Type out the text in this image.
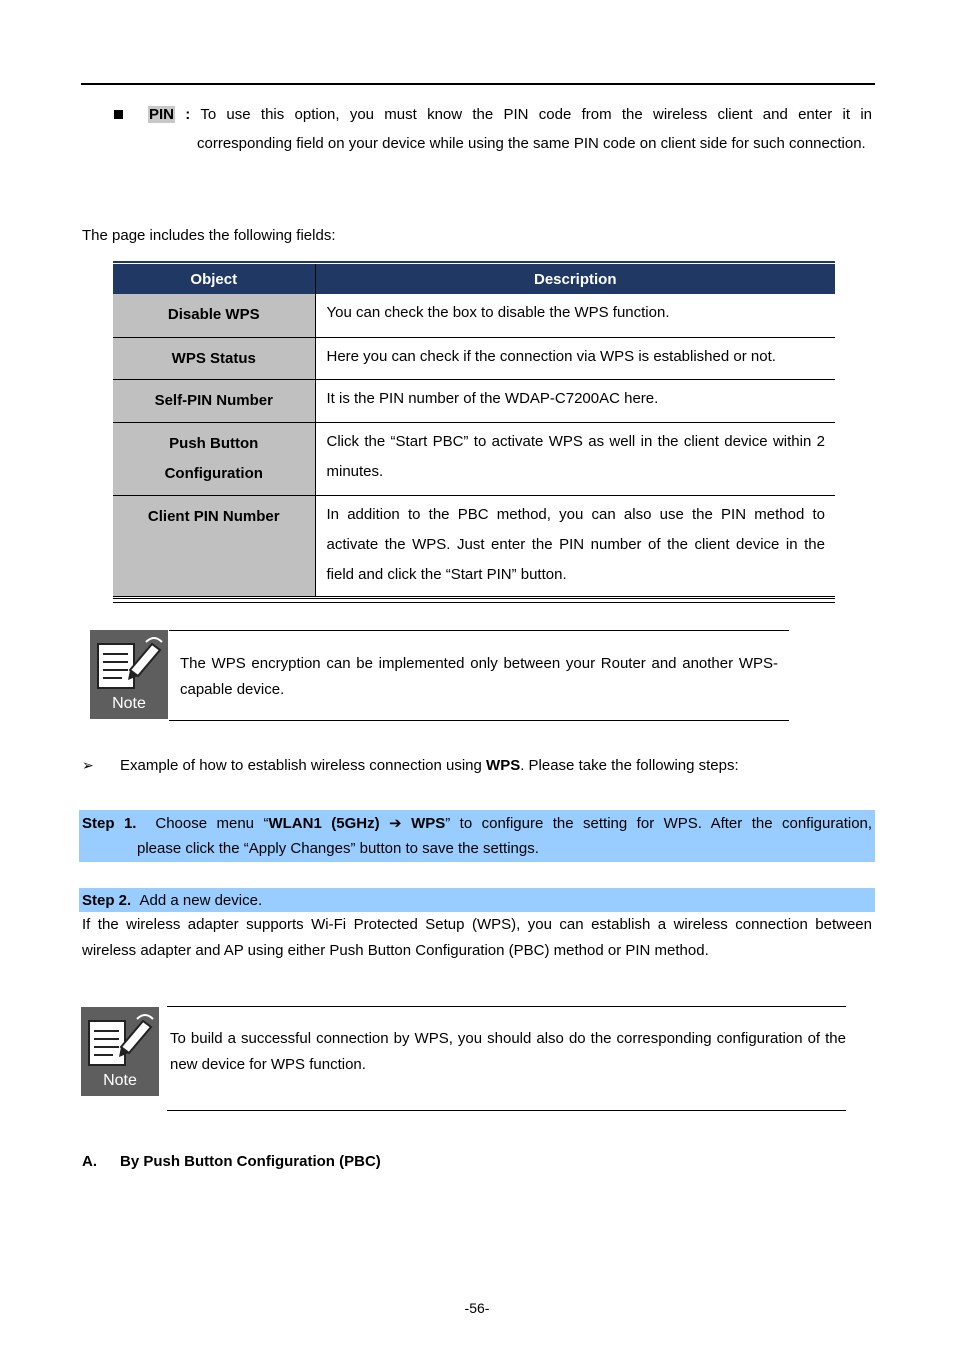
PIN : To use this option, you must know the PIN code from the wireless client and enter it in
corresponding field on your device while using the same PIN code on client side for such connection.
The page includes the following fields:
Object	Description

Disable WPS	You can check the box to disable the WPS function.

WPS Status	Here you can check if the connection via WPS is established or not.

Self-PIN Number	It is the PIN number of the WDAP-C7200AC here.

Push Button
Configuration	Click the “Start PBC” to activate WPS as well in the client device within 2 minutes.

Client PIN Number	In addition to the PBC method, you can also use the PIN method to activate the WPS. Just enter the PIN number of the client device in the field and click the “Start PIN” button.
Note
The WPS encryption can be implemented only between your Router and another WPS-capable device.
➢ Example of how to establish wireless connection using WPS. Please take the following steps:
Step 1. Choose menu “WLAN1 (5GHz) ➔ WPS” to configure the setting for WPS. After the configuration,
please click the “Apply Changes” button to save the settings.
Step 2. Add a new device.
If the wireless adapter supports Wi-Fi Protected Setup (WPS), you can establish a wireless connection between wireless adapter and AP using either Push Button Configuration (PBC) method or PIN method.
Note
To build a successful connection by WPS, you should also do the corresponding configuration of the new device for WPS function.
A. By Push Button Configuration (PBC)
-56-
